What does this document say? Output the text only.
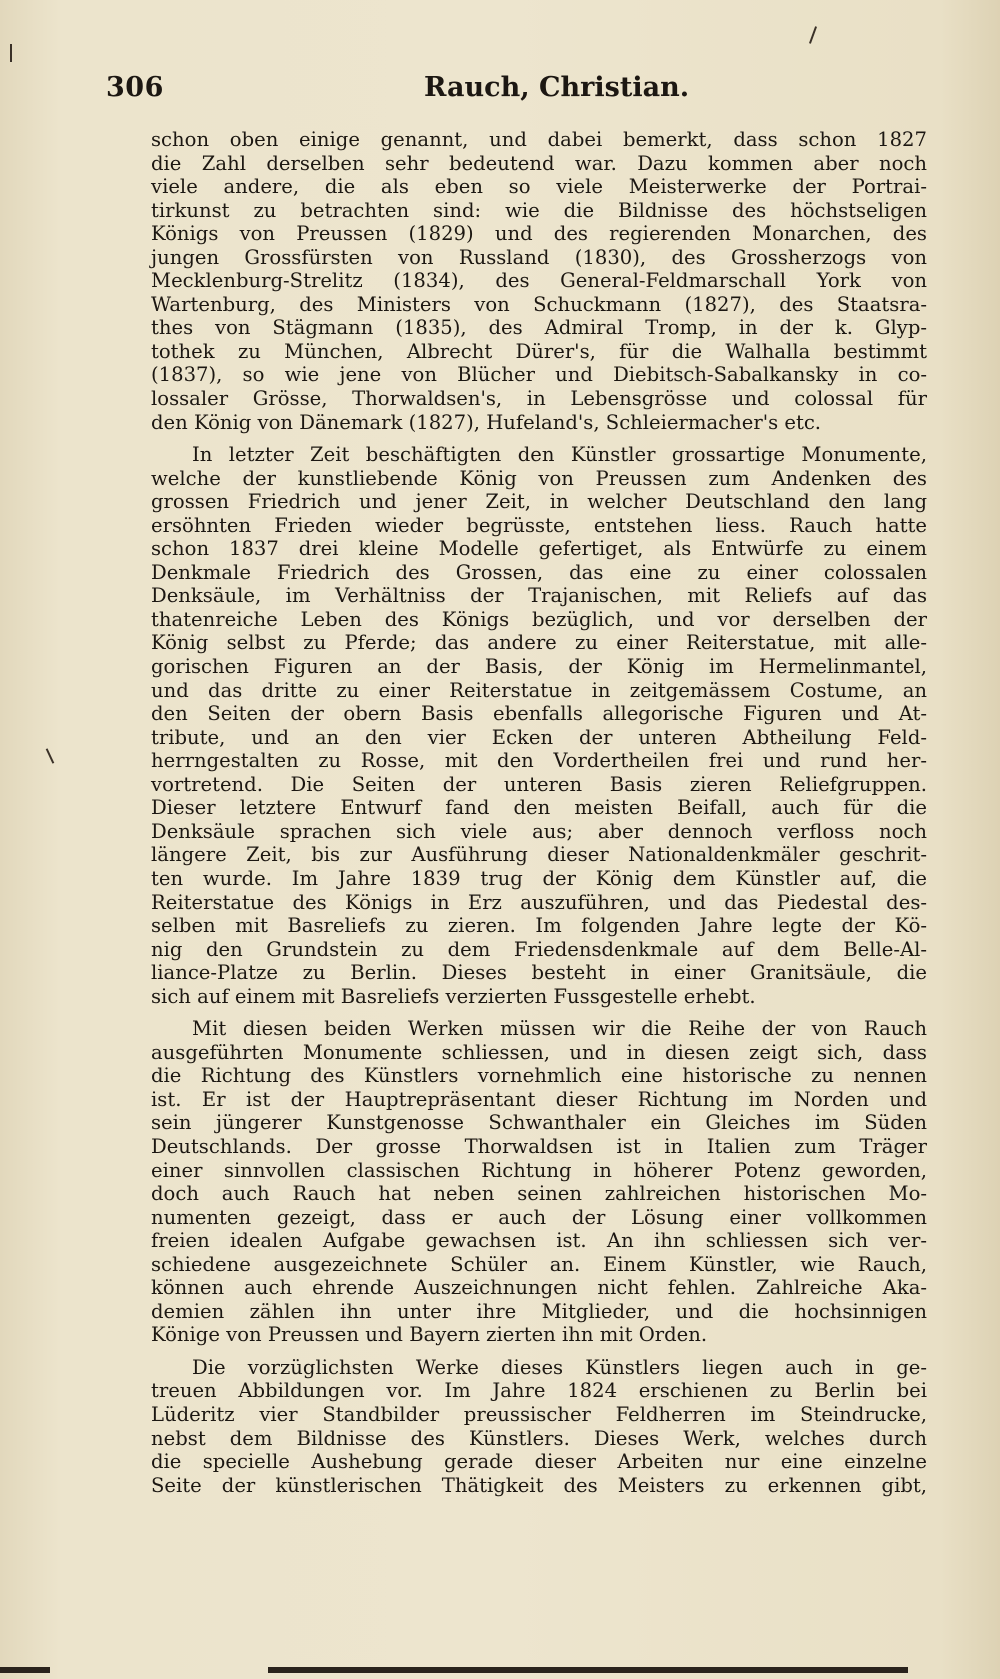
306	Rauch, Christian.
schon oben einige genannt, und dabei bemerkt, dass schon 1827
die Zahl derselben sehr bedeutend war. Dazu kommen aber noch
viele andere, die als eben so viele Meisterwerke der Portrai-
tirkunst zu betrachten sind: wie die Bildnisse des höchstseligen
Königs von Preussen (1829) und des regierenden Monarchen, des
jungen Grossfürsten von Russland (1830), des Grossherzogs von
Mecklenburg-Strelitz (1834), des General-Feldmarschall York von
Wartenburg, des Ministers von Schuckmann (1827), des Staatsra-
thes von Stägmann (1835), des Admiral Tromp, in der k. Glyp-
tothek zu München, Albrecht Dürer's, für die Walhalla bestimmt
(1837), so wie jene von Blücher und Diebitsch-Sabalkansky in co-
lossaler Grösse, Thorwaldsen's, in Lebensgrösse und colossal für
den König von Dänemark (1827), Hufeland's, Schleiermacher's etc.
In letzter Zeit beschäftigten den Künstler grossartige Monumente,
welche der kunstliebende König von Preussen zum Andenken des
grossen Friedrich und jener Zeit, in welcher Deutschland den lang
ersöhnten Frieden wieder begrüsste, entstehen liess. Rauch hatte
schon 1837 drei kleine Modelle gefertiget, als Entwürfe zu einem
Denkmale Friedrich des Grossen, das eine zu einer colossalen
Denksäule, im Verhältniss der Trajanischen, mit Reliefs auf das
thatenreiche Leben des Königs bezüglich, und vor derselben der
König selbst zu Pferde; das andere zu einer Reiterstatue, mit alle-
gorischen Figuren an der Basis, der König im Hermelinmantel,
und das dritte zu einer Reiterstatue in zeitgemässem Costume, an
den Seiten der obern Basis ebenfalls allegorische Figuren und At-
tribute, und an den vier Ecken der unteren Abtheilung Feld-
herrngestalten zu Rosse, mit den Vordertheilen frei und rund her-
vortretend. Die Seiten der unteren Basis zieren Reliefgruppen.
Dieser letztere Entwurf fand den meisten Beifall, auch für die
Denksäule sprachen sich viele aus; aber dennoch verfloss noch
längere Zeit, bis zur Ausführung dieser Nationaldenkmäler geschrit-
ten wurde. Im Jahre 1839 trug der König dem Künstler auf, die
Reiterstatue des Königs in Erz auszuführen, und das Piedestal des-
selben mit Basreliefs zu zieren. Im folgenden Jahre legte der Kö-
nig den Grundstein zu dem Friedensdenkmale auf dem Belle-Al-
liance-Platze zu Berlin. Dieses besteht in einer Granitsäule, die
sich auf einem mit Basreliefs verzierten Fussgestelle erhebt.
Mit diesen beiden Werken müssen wir die Reihe der von Rauch
ausgeführten Monumente schliessen, und in diesen zeigt sich, dass
die Richtung des Künstlers vornehmlich eine historische zu nennen
ist. Er ist der Hauptrepräsentant dieser Richtung im Norden und
sein jüngerer Kunstgenosse Schwanthaler ein Gleiches im Süden
Deutschlands. Der grosse Thorwaldsen ist in Italien zum Träger
einer sinnvollen classischen Richtung in höherer Potenz geworden,
doch auch Rauch hat neben seinen zahlreichen historischen Mo-
numenten gezeigt, dass er auch der Lösung einer vollkommen
freien idealen Aufgabe gewachsen ist. An ihn schliessen sich ver-
schiedene ausgezeichnete Schüler an. Einem Künstler, wie Rauch,
können auch ehrende Auszeichnungen nicht fehlen. Zahlreiche Aka-
demien zählen ihn unter ihre Mitglieder, und die hochsinnigen
Könige von Preussen und Bayern zierten ihn mit Orden.
Die vorzüglichsten Werke dieses Künstlers liegen auch in ge-
treuen Abbildungen vor. Im Jahre 1824 erschienen zu Berlin bei
Lüderitz vier Standbilder preussischer Feldherren im Steindrucke,
nebst dem Bildnisse des Künstlers. Dieses Werk, welches durch
die specielle Aushebung gerade dieser Arbeiten nur eine einzelne
Seite der künstlerischen Thätigkeit des Meisters zu erkennen gibt,
